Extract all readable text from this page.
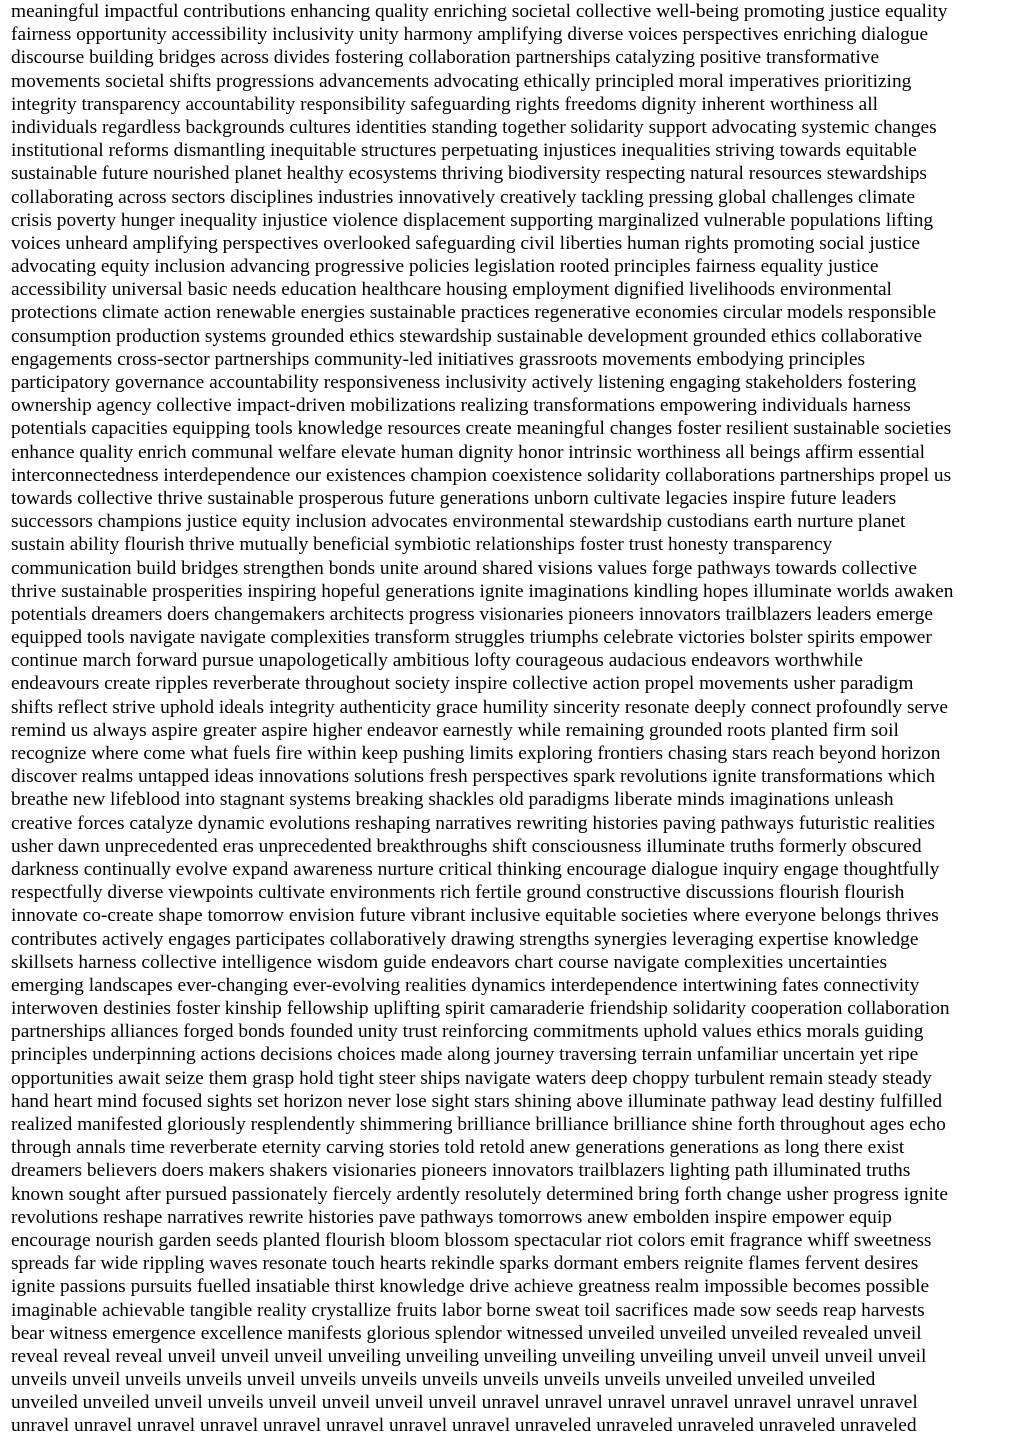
meaningful impactful contributions enhancing quality enriching societal collective well-being promoting justice equality
fairness opportunity accessibility inclusivity unity harmony amplifying diverse voices perspectives enriching dialogue
discourse building bridges across divides fostering collaboration partnerships catalyzing positive transformative
movements societal shifts progressions advancements advocating ethically principled moral imperatives prioritizing
integrity transparency accountability responsibility safeguarding rights freedoms dignity inherent worthiness all
individuals regardless backgrounds cultures identities standing together solidarity support advocating systemic changes
institutional reforms dismantling inequitable structures perpetuating injustices inequalities striving towards equitable
sustainable future nourished planet healthy ecosystems thriving biodiversity respecting natural resources stewardships
collaborating across sectors disciplines industries innovatively creatively tackling pressing global challenges climate
crisis poverty hunger inequality injustice violence displacement supporting marginalized vulnerable populations lifting
voices unheard amplifying perspectives overlooked safeguarding civil liberties human rights promoting social justice
advocating equity inclusion advancing progressive policies legislation rooted principles fairness equality justice
accessibility universal basic needs education healthcare housing employment dignified livelihoods environmental
protections climate action renewable energies sustainable practices regenerative economies circular models responsible
consumption production systems grounded ethics stewardship sustainable development grounded ethics collaborative
engagements cross-sector partnerships community-led initiatives grassroots movements embodying principles
participatory governance accountability responsiveness inclusivity actively listening engaging stakeholders fostering
ownership agency collective impact-driven mobilizations realizing transformations empowering individuals harness
potentials capacities equipping tools knowledge resources create meaningful changes foster resilient sustainable societies
enhance quality enrich communal welfare elevate human dignity honor intrinsic worthiness all beings affirm essential
interconnectedness interdependence our existences champion coexistence solidarity collaborations partnerships propel us
towards collective thrive sustainable prosperous future generations unborn cultivate legacies inspire future leaders
successors champions justice equity inclusion advocates environmental stewardship custodians earth nurture planet
sustain ability flourish thrive mutually beneficial symbiotic relationships foster trust honesty transparency
communication build bridges strengthen bonds unite around shared visions values forge pathways towards collective
thrive sustainable prosperities inspiring hopeful generations ignite imaginations kindling hopes illuminate worlds awaken
potentials dreamers doers changemakers architects progress visionaries pioneers innovators trailblazers leaders emerge
equipped tools navigate navigate complexities transform struggles triumphs celebrate victories bolster spirits empower
continue march forward pursue unapologetically ambitious lofty courageous audacious endeavors worthwhile
endeavours create ripples reverberate throughout society inspire collective action propel movements usher paradigm
shifts reflect strive uphold ideals integrity authenticity grace humility sincerity resonate deeply connect profoundly serve
remind us always aspire greater aspire higher endeavor earnestly while remaining grounded roots planted firm soil
recognize where come what fuels fire within keep pushing limits exploring frontiers chasing stars reach beyond horizon
discover realms untapped ideas innovations solutions fresh perspectives spark revolutions ignite transformations which
breathe new lifeblood into stagnant systems breaking shackles old paradigms liberate minds imaginations unleash
creative forces catalyze dynamic evolutions reshaping narratives rewriting histories paving pathways futuristic realities
usher dawn unprecedented eras unprecedented breakthroughs shift consciousness illuminate truths formerly obscured
darkness continually evolve expand awareness nurture critical thinking encourage dialogue inquiry engage thoughtfully
respectfully diverse viewpoints cultivate environments rich fertile ground constructive discussions flourish flourish
innovate co-create shape tomorrow envision future vibrant inclusive equitable societies where everyone belongs thrives
contributes actively engages participates collaboratively drawing strengths synergies leveraging expertise knowledge
skillsets harness collective intelligence wisdom guide endeavors chart course navigate complexities uncertainties
emerging landscapes ever-changing ever-evolving realities dynamics interdependence intertwining fates connectivity
interwoven destinies foster kinship fellowship uplifting spirit camaraderie friendship solidarity cooperation collaboration
partnerships alliances forged bonds founded unity trust reinforcing commitments uphold values ethics morals guiding
principles underpinning actions decisions choices made along journey traversing terrain unfamiliar uncertain yet ripe
opportunities await seize them grasp hold tight steer ships navigate waters deep choppy turbulent remain steady steady
hand heart mind focused sights set horizon never lose sight stars shining above illuminate pathway lead destiny fulfilled
realized manifested gloriously resplendently shimmering brilliance brilliance brilliance shine forth throughout ages echo
through annals time reverberate eternity carving stories told retold anew generations generations as long there exist
dreamers believers doers makers shakers visionaries pioneers innovators trailblazers lighting path illuminated truths
known sought after pursued passionately fiercely ardently resolutely determined bring forth change usher progress ignite
revolutions reshape narratives rewrite histories pave pathways tomorrows anew embolden inspire empower equip
encourage nourish garden seeds planted flourish bloom blossom spectacular riot colors emit fragrance whiff sweetness
spreads far wide rippling waves resonate touch hearts rekindle sparks dormant embers reignite flames fervent desires
ignite passions pursuits fuelled insatiable thirst knowledge drive achieve greatness realm impossible becomes possible
imaginable achievable tangible reality crystallize fruits labor borne sweat toil sacrifices made sow seeds reap harvests
bear witness emergence excellence manifests glorious splendor witnessed unveiled unveiled unveiled revealed unveil
reveal reveal reveal unveil unveil unveil unveiling unveiling unveiling unveiling unveiling unveil unveil unveil unveil
unveils unveil unveils unveils unveil unveils unveils unveils unveils unveils unveils unveiled unveiled unveiled
unveiled unveiled unveil unveils unveil unveil unveil unveil unravel unravel unravel unravel unravel unravel unravel
unravel unravel unravel unravel unravel unravel unravel unravel unraveled unraveled unraveled unraveled unraveled
